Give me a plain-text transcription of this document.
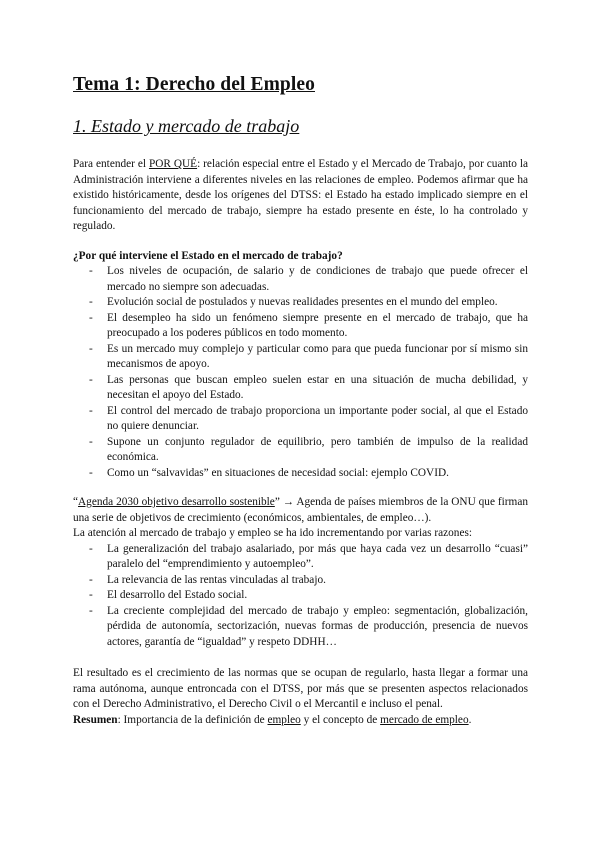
Tema 1: Derecho del Empleo
1. Estado y mercado de trabajo

Para entender el POR QUÉ: relación especial entre el Estado y el Mercado de Trabajo, por cuanto la Administración interviene a diferentes niveles en las relaciones de empleo. Podemos afirmar que ha existido históricamente, desde los orígenes del DTSS: el Estado ha estado implicado siempre en el funcionamiento del mercado de trabajo, siempre ha estado presente en éste, lo ha controlado y regulado.

¿Por qué interviene el Estado en el mercado de trabajo?

- Los niveles de ocupación, de salario y de condiciones de trabajo que puede ofrecer el mercado no siempre son adecuadas.
- Evolución social de postulados y nuevas realidades presentes en el mundo del empleo.
- El desempleo ha sido un fenómeno siempre presente en el mercado de trabajo, que ha preocupado a los poderes públicos en todo momento.
- Es un mercado muy complejo y particular como para que pueda funcionar por sí mismo sin mecanismos de apoyo.
- Las personas que buscan empleo suelen estar en una situación de mucha debilidad, y necesitan el apoyo del Estado.
- El control del mercado de trabajo proporciona un importante poder social, al que el Estado no quiere denunciar.
- Supone un conjunto regulador de equilibrio, pero también de impulso de la realidad económica.
- Como un “salvavidas” en situaciones de necesidad social: ejemplo COVID.

“Agenda 2030 objetivo desarrollo sostenible” → Agenda de países miembros de la ONU que firman una serie de objetivos de crecimiento (económicos, ambientales, de empleo…).

La atención al mercado de trabajo y empleo se ha ido incrementando por varias razones:

- La generalización del trabajo asalariado, por más que haya cada vez un desarrollo “cuasi” paralelo del “emprendimiento y autoempleo”.
- La relevancia de las rentas vinculadas al trabajo.
- El desarrollo del Estado social.
- La creciente complejidad del mercado de trabajo y empleo: segmentación, globalización, pérdida de autonomía, sectorización, nuevas formas de producción, presencia de nuevos actores, garantía de “igualdad” y respeto DDHH…

El resultado es el crecimiento de las normas que se ocupan de regularlo, hasta llegar a formar una rama autónoma, aunque entroncada con el DTSS, por más que se presenten aspectos relacionados con el Derecho Administrativo, el Derecho Civil o el Mercantil e incluso el penal.

Resumen: Importancia de la definición de empleo y el concepto de mercado de empleo.
